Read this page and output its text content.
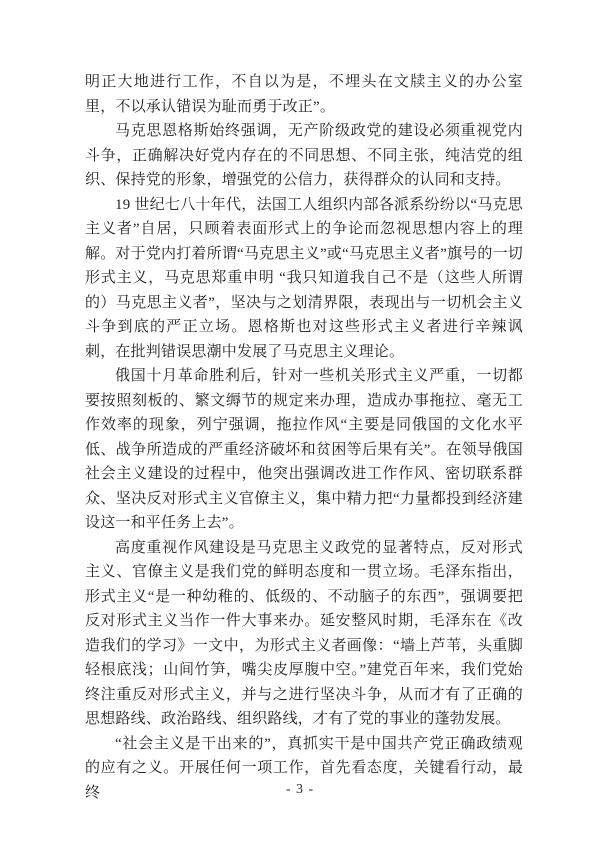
明正大地进行工作，不自以为是，不埋头在文牍主义的办公室里，不以承认错误为耻而勇于改正”。

马克思恩格斯始终强调，无产阶级政党的建设必须重视党内斗争，正确解决好党内存在的不同思想、不同主张，纯洁党的组织、保持党的形象，增强党的公信力，获得群众的认同和支持。

19 世纪七八十年代，法国工人组织内部各派系纷纷以“马克思主义者”自居，只顾着表面形式上的争论而忽视思想内容上的理解。对于党内打着所谓“马克思主义”或“马克思主义者”旗号的一切形式主义，马克思郑重申明 “我只知道我自己不是（这些人所谓的）马克思主义者”，坚决与之划清界限，表现出与一切机会主义斗争到底的严正立场。恩格斯也对这些形式主义者进行辛辣讽刺，在批判错误思潮中发展了马克思主义理论。

俄国十月革命胜利后，针对一些机关形式主义严重，一切都要按照刻板的、繁文缛节的规定来办理，造成办事拖拉、毫无工作效率的现象，列宁强调，拖拉作风“主要是同俄国的文化水平低、战争所造成的严重经济破坏和贫困等后果有关”。在领导俄国社会主义建设的过程中，他突出强调改进工作作风、密切联系群众、坚决反对形式主义官僚主义，集中精力把“力量都投到经济建设这一和平任务上去”。

高度重视作风建设是马克思主义政党的显著特点，反对形式主义、官僚主义是我们党的鲜明态度和一贯立场。毛泽东指出，形式主义“是一种幼稚的、低级的、不动脑子的东西”，强调要把反对形式主义当作一件大事来办。延安整风时期，毛泽东在《改造我们的学习》一文中，为形式主义者画像：“墙上芦苇，头重脚轻根底浅；山间竹笋，嘴尖皮厚腹中空。”建党百年来，我们党始终注重反对形式主义，并与之进行坚决斗争，从而才有了正确的思想路线、政治路线、组织路线，才有了党的事业的蓬勃发展。

“社会主义是干出来的”，真抓实干是中国共产党正确政绩观的应有之义。开展任何一项工作，首先看态度，关键看行动，最终	- 3 -
